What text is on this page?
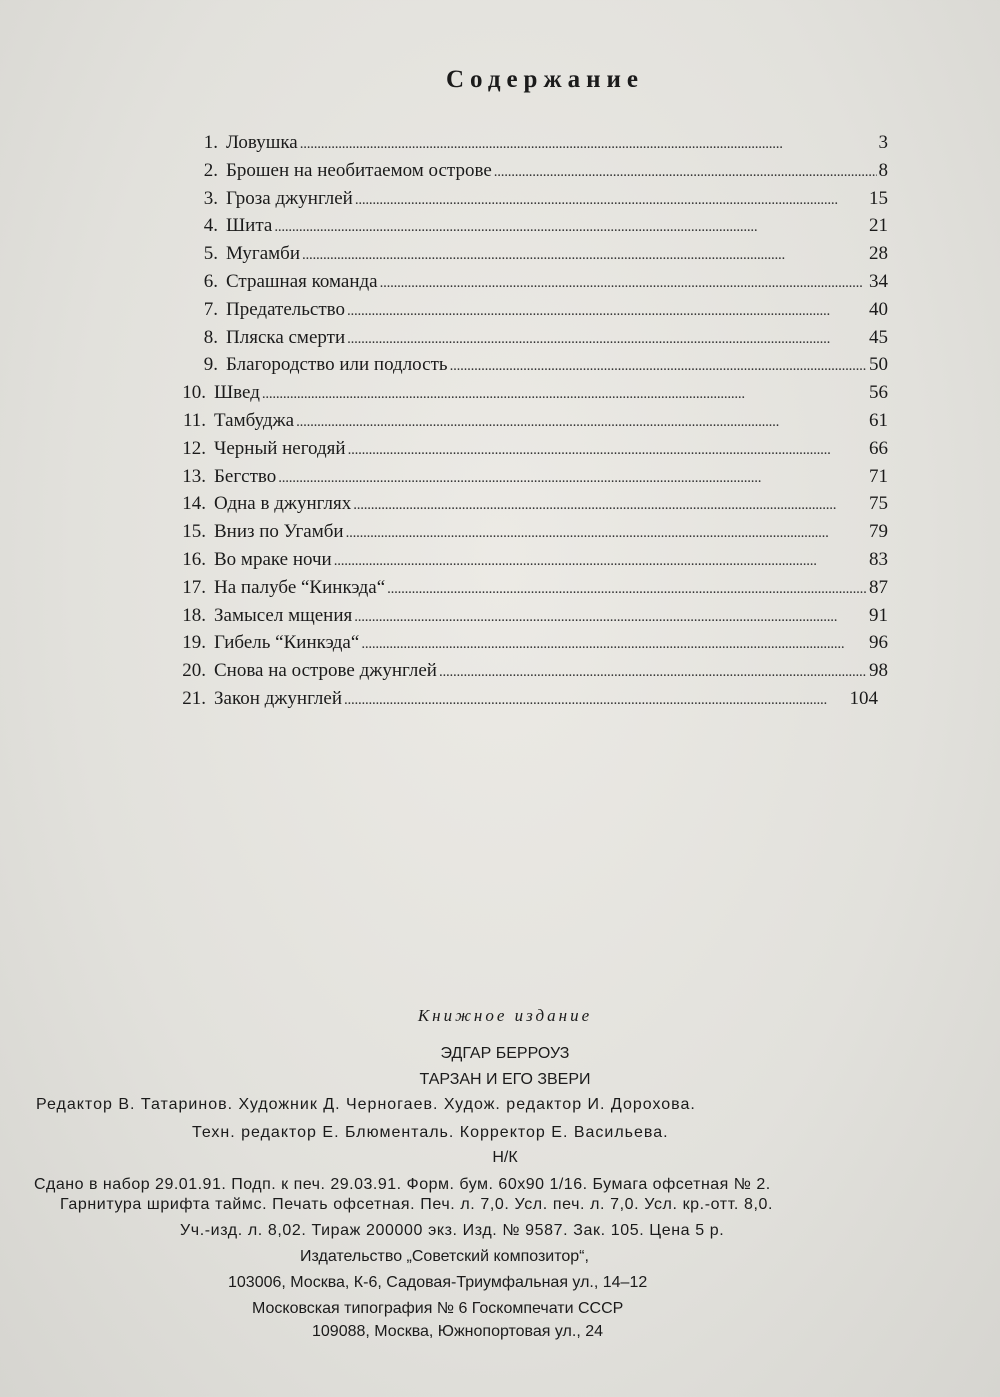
Содержание
1. Ловушка . . .	3
2. Брошен на необитаемом острове . . .	8
3. Гроза джунглей . . .	15
4. Шита . . .	21
5. Мугамби . . .	28
6. Страшная команда . . .	34
7. Предательство . . .	40
8. Пляска смерти . . .	45
9. Благородство или подлость . . .	50
10. Швед . . .	56
11. Тамбуджа . . .	61
12. Черный негодяй . . .	66
13. Бегство . . .	71
14. Одна в джунглях . . .	75
15. Вниз по Угамби . . .	79
16. Во мраке ночи . . .	83
17. На палубе “Кинкэда“ . . .	87
18. Замысел мщения . . .	91
19. Гибель “Кинкэда“ . . .	96
20. Снова на острове джунглей . . .	98
21. Закон джунглей . . .	104
Книжное издание
ЭДГАР БЕРРОУЗ
ТАРЗАН И ЕГО ЗВЕРИ
Редактор В. Татаринов. Художник Д. Черногаев. Худож. редактор И. Дорохова.
Техн. редактор Е. Блюменталь. Корректор Е. Васильева.
Н/К
Сдано в набор 29.01.91. Подп. к печ. 29.03.91. Форм. бум. 60x90 1/16. Бумага офсетная № 2.
Гарнитура шрифта таймс. Печать офсетная. Печ. л. 7,0. Усл. печ. л. 7,0. Усл. кр.-отт. 8,0.
Уч.-изд. л. 8,02. Тираж 200000 экз. Изд. № 9587. Зак. 105. Цена 5 р.
Издательство „Советский композитор“,
103006, Москва, К-6, Садовая-Триумфальная ул., 14–12
Московская типография № 6 Госкомпечати СССР
109088, Москва, Южнопортовая ул., 24
